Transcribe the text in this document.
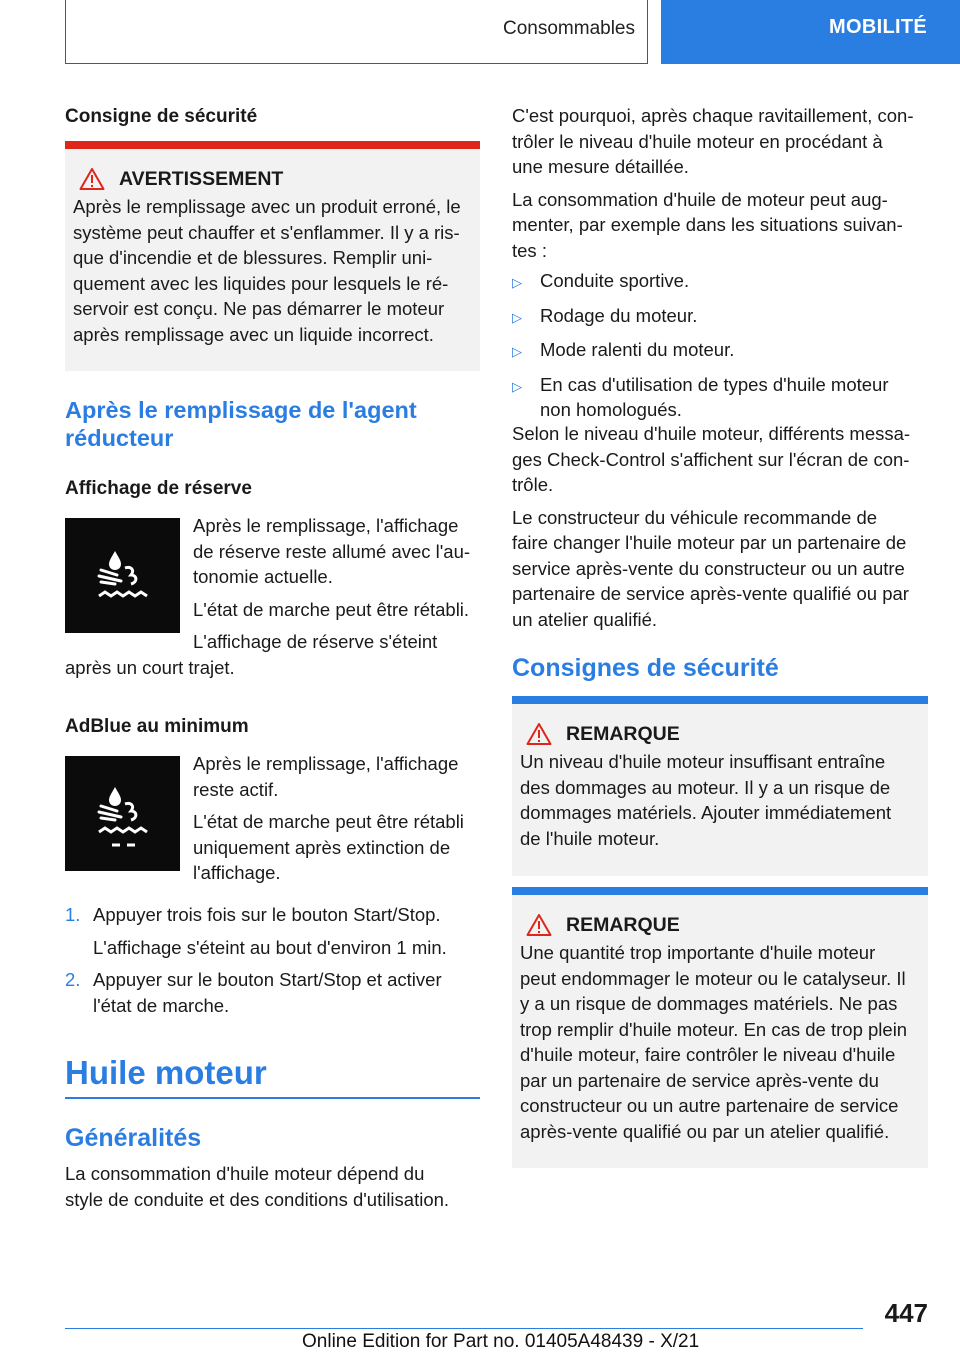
Consommables	MOBILITÉ
Consigne de sécurité
AVERTISSEMENT

Après le remplissage avec un produit erroné, le

système peut chauffer et s'enflammer. Il y a ris-

que d'incendie et de blessures. Remplir uni-

quement avec les liquides pour lesquels le ré-

servoir est conçu. Ne pas démarrer le moteur

après remplissage avec un liquide incorrect.

Après le remplissage de l'agent

réducteur

Affichage de réserve

Après le remplissage, l'affichage

de réserve reste allumé avec l'au-

tonomie actuelle.

L'état de marche peut être rétabli.

L'affichage de réserve s'éteint

après un court trajet.
AdBlue au minimum

Après le remplissage, l'affichage

reste actif.

L'état de marche peut être rétabli

uniquement après extinction de

l'affichage.

1. Appuyer trois fois sur le bouton Start/Stop.

L'affichage s'éteint au bout d'environ 1 min.

2. Appuyer sur le bouton Start/Stop et activer

l'état de marche.

Huile moteur
Généralités

La consommation d'huile moteur dépend du

style de conduite et des conditions d'utilisation.

C'est pourquoi, après chaque ravitaillement, con-

trôler le niveau d'huile moteur en procédant à

une mesure détaillée.

La consommation d'huile de moteur peut aug-

menter, par exemple dans les situations suivan-

tes :

▷ Conduite sportive.

▷ Rodage du moteur.

▷ Mode ralenti du moteur.

▷ En cas d'utilisation de types d'huile moteur

non homologués.

Selon le niveau d'huile moteur, différents messa-

ges Check-Control s'affichent sur l'écran de con-

trôle.

Le constructeur du véhicule recommande de

faire changer l'huile moteur par un partenaire de

service après-vente du constructeur ou un autre

partenaire de service après-vente qualifié ou par

un atelier qualifié.

Consignes de sécurité
REMARQUE

Un niveau d'huile moteur insuffisant entraîne

des dommages au moteur. Il y a un risque de

dommages matériels. Ajouter immédiatement

de l'huile moteur.

REMARQUE

Une quantité trop importante d'huile moteur

peut endommager le moteur ou le catalyseur. Il

y a un risque de dommages matériels. Ne pas

trop remplir d'huile moteur. En cas de trop plein

d'huile moteur, faire contrôler le niveau d'huile

par un partenaire de service après-vente du

constructeur ou un autre partenaire de service

après-vente qualifié ou par un atelier qualifié.

447
Online Edition for Part no. 01405A48439 - X/21
